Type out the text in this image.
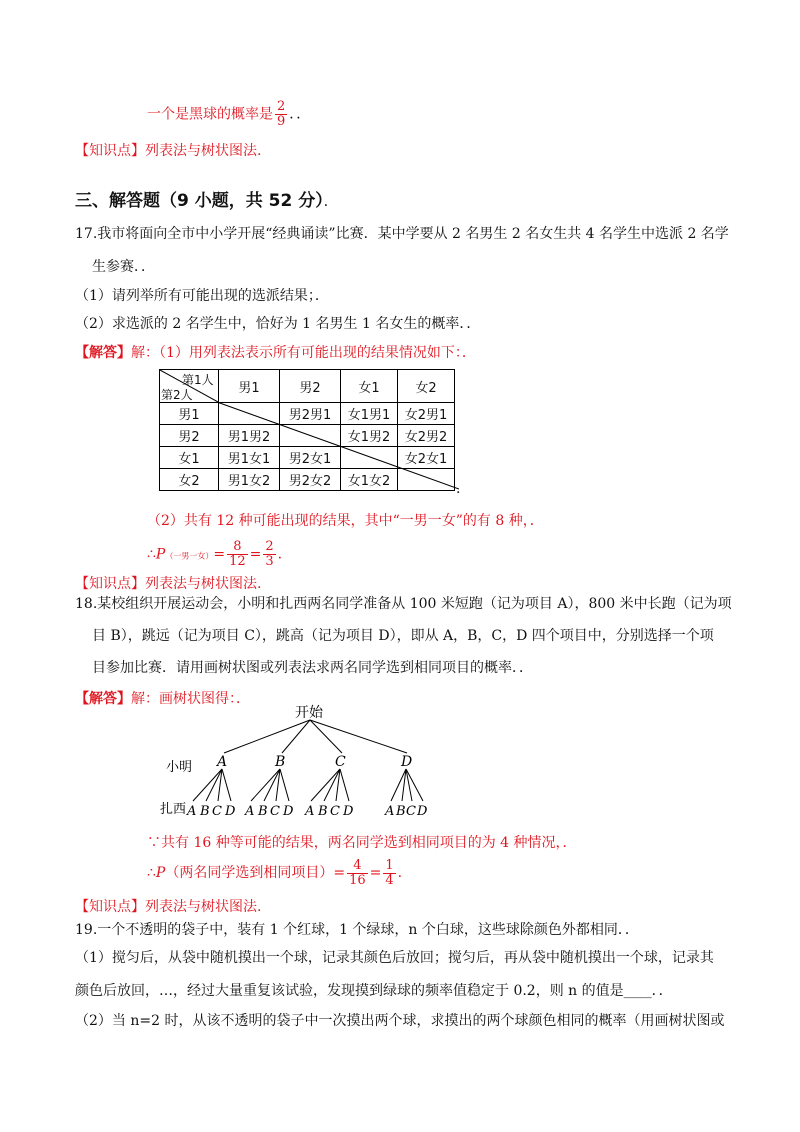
一个是黑球的概率是 $\frac{2}{9}$ ．．
【知识点】列表法与树状图法.
三、解答题（9 小题，共 52 分）．
17.我市将面向全市中小学开展“经典诵读”比赛．某中学要从 2 名男生 2 名女生共 4 名学生中选派 2 名学
生参赛．．
（1）请列举所有可能出现的选派结果；．
（2）求选派的 2 名学生中，恰好为 1 名男生 1 名女生的概率．．
【解答】解：（1）用列表法表示所有可能出现的结果情况如下：．
第1人
第2人	男1	男2	女1	女2
男1		男2男1	女1男1	女2男1
男2	男1男2		女1男2	女2男2
女1	男1女1	男2女1		女2女1
女2	男1女2	男2女2	女1女2		.
（2）共有 12 种可能出现的结果，其中“一男一女”的有 8 种，．
∴P（一男一女）= $\frac{8}{12} = \frac{2}{3}$ .
【知识点】列表法与树状图法.
18.某校组织开展运动会，小明和扎西两名同学准备从 100 米短跑（记为项目 A），800 米中长跑（记为项
目 B），跳远（记为项目 C），跳高（记为项目 D），即从 A，B，C，D 四个项目中，分别选择一个项
目参加比赛．请用画树状图或列表法求两名同学选到相同项目的概率．．
【解答】解：画树状图得：．
开始
小明
扎西
A	B	C	D
A B C D A B C D A B C D A B C D
∵共有 16 种等可能的结果，两名同学选到相同项目的为 4 种情况，．
∴P（两名同学选到相同项目）= $\frac{4}{16} = \frac{1}{4}$ .
【知识点】列表法与树状图法.
19.一个不透明的袋子中，装有 1 个红球，1 个绿球，n 个白球，这些球除颜色外都相同．．
（1）搅匀后，从袋中随机摸出一个球，记录其颜色后放回；搅匀后，再从袋中随机摸出一个球，记录其
颜色后放回，…，经过大量重复该试验，发现摸到绿球的频率值稳定于 0.2，则 n 的值是____．．
（2）当 n=2 时，从该不透明的袋子中一次摸出两个球，求摸出的两个球颜色相同的概率（用画树状图或
